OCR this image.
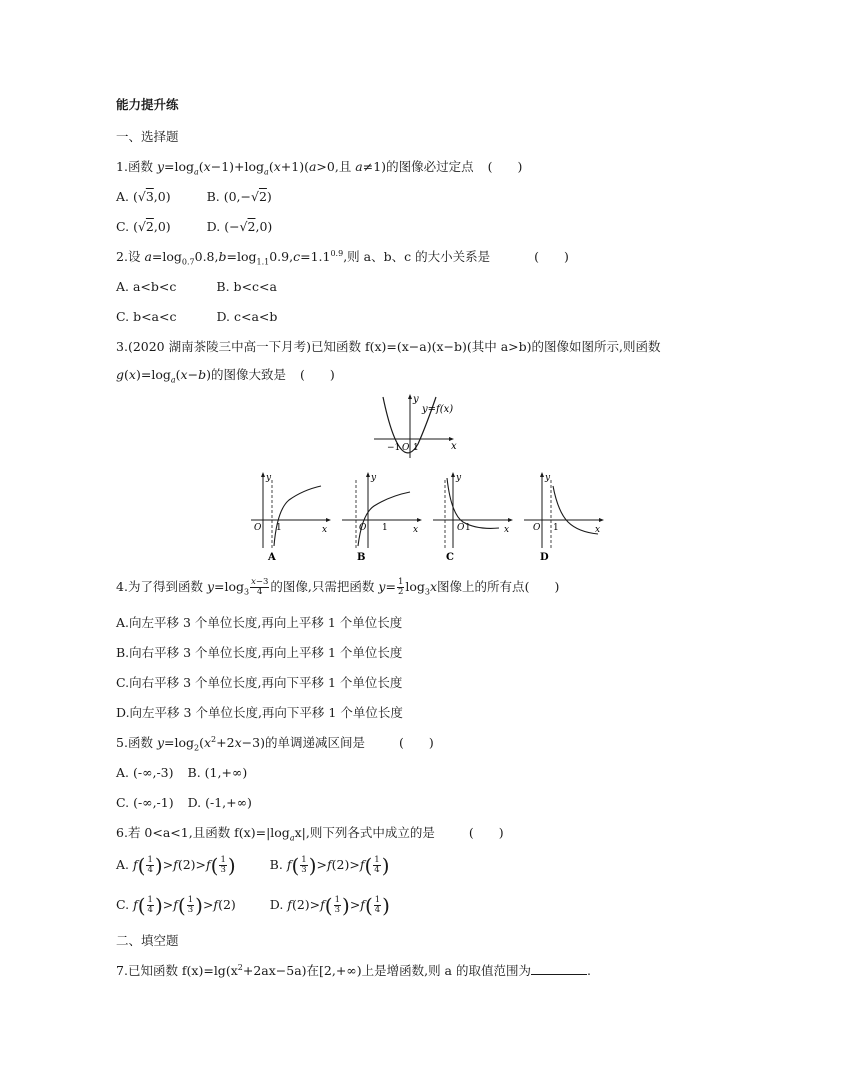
能力提升练
一、选择题
1.函数 $y=\log_a(x-1)+\log_a(x+1)(a>0$,且 a≠1)的图像必过定点 (　　)
A. (√3,0)	B. (0,−√2)
C. (√2,0)	D. (−√2,0)
2.设 $a=\log_{0.7}0.8,b=\log_{1.1}0.9,c=1.1^{0.9}$,则 a、b、c 的大小关系是	(　　)
A. a<b<c	B. b<c<a
C. b<a<c	D. c<a<b
3.(2020 湖南茶陵三中高一下月考)已知函数 f(x)=(x−a)(x−b)(其中 a>b)的图像如图所示,则函数
$g(x)=\log_a(x-b)$的图像大致是 (　　)
y
x
y=f(x)
−1 O 1
y
x
O 1
A
y
x
O 1
B
y
x
O 1
C
y
x
O 1
D
4.为了得到函数 $y=\log_3 \frac{x-3}{4}$ 的图像,只需把函数 $y= \frac{1}{2} \log_3x$图像上的所有点(　　)
A.向左平移 3 个单位长度,再向上平移 1 个单位长度
B.向右平移 3 个单位长度,再向上平移 1 个单位长度
C.向右平移 3 个单位长度,再向下平移 1 个单位长度
D.向左平移 3 个单位长度,再向下平移 1 个单位长度
5.函数 $y=\log_2(x^2+2x-3)$的单调递减区间是	(　　)
A. (-∞,-3) B. (1,+∞)
C. (-∞,-1) D. (-1,+∞)
6.若 0<a<1,且函数 $f(x)=|\log_ax|$,则下列各式中成立的是	(　　)
A. $f( \frac{1}{4} )>f(2)>f( \frac{1}{3}$ )	B. $f( \frac{1}{3} )>f(2)>f( \frac{1}{4}$ )
C. $f( \frac{1}{4} )>f( \frac{1}{3} )>f(2)$ D. $f(2)>f( \frac{1}{3} )>f( \frac{1}{4}$ )
二、填空题
7.已知函数 $f(x)=\lg(x^2+2ax-5a)$在[2,+∞)上是增函数,则 a 的取值范围为	.
